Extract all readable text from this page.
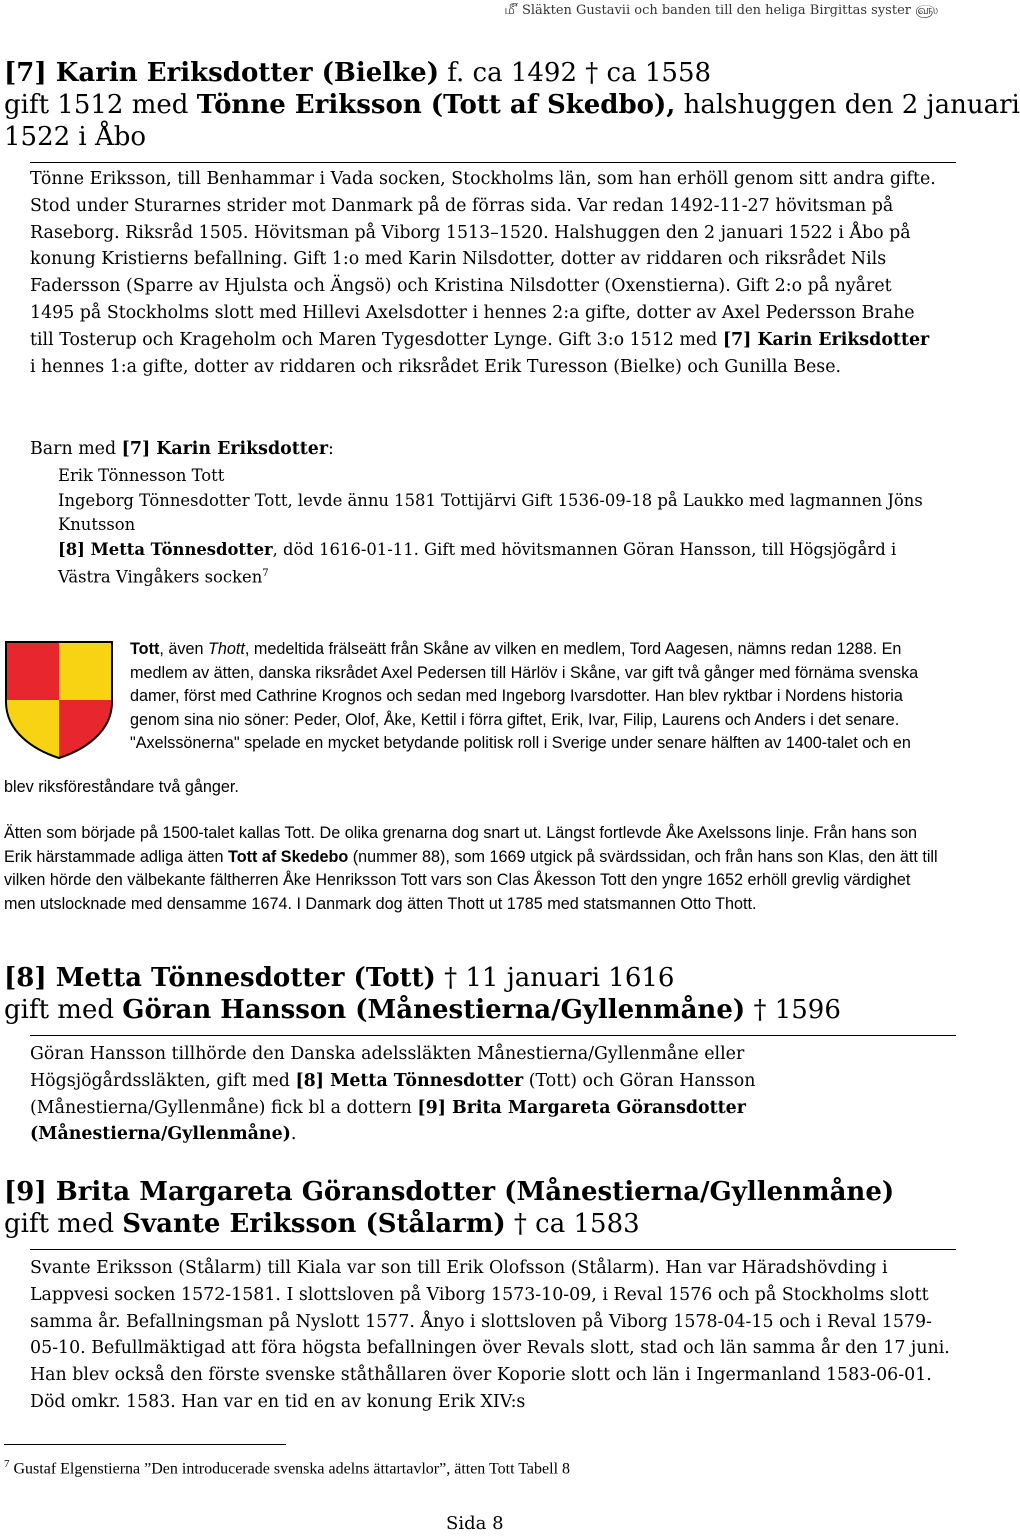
௴ Släkten Gustavii och banden till den heliga Birgittas syster ௵
[7] Karin Eriksdotter (Bielke) f. ca 1492 † ca 1558
gift 1512 med Tönne Eriksson (Tott af Skedbo), halshuggen den 2 januari
1522 i Åbo
Tönne Eriksson, till Benhammar i Vada socken, Stockholms län, som han erhöll genom sitt andra gifte. Stod under Sturarnes strider mot Danmark på de förras sida. Var redan 1492-11-27 hövitsman på Raseborg. Riksråd 1505. Hövitsman på Viborg 1513–1520. Halshuggen den 2 januari 1522 i Åbo på konung Kristierns befallning. Gift 1:o med Karin Nilsdotter, dotter av riddaren och riksrådet Nils Fadersson (Sparre av Hjulsta och Ängsö) och Kristina Nilsdotter (Oxenstierna). Gift 2:o på nyåret 1495 på Stockholms slott med Hillevi Axelsdotter i hennes 2:a gifte, dotter av Axel Pedersson Brahe till Tosterup och Krageholm och Maren Tygesdotter Lynge. Gift 3:o 1512 med [7] Karin Eriksdotter i hennes 1:a gifte, dotter av riddaren och riksrådet Erik Turesson (Bielke) och Gunilla Bese.
Barn med [7] Karin Eriksdotter:
Erik Tönnesson Tott
Ingeborg Tönnesdotter Tott, levde ännu 1581 Tottijärvi Gift 1536-09-18 på Laukko med lagmannen Jöns Knutsson
[8] Metta Tönnesdotter, död 1616-01-11. Gift med hövitsmannen Göran Hansson, till Högsjögård i Västra Vingåkers socken$^7$

Tott, även Thott, medeltida frälseätt från Skåne av vilken en medlem, Tord Aagesen, nämns redan 1288. En medlem av ätten, danska riksrådet Axel Pedersen till Härlöv i Skåne, var gift två gånger med förnäma svenska damer, först med Cathrine Krognos och sedan med Ingeborg Ivarsdotter. Han blev ryktbar i Nordens historia genom sina nio söner: Peder, Olof, Åke, Kettil i förra giftet, Erik, Ivar, Filip, Laurens och Anders i det senare. "Axelssönerna" spelade en mycket betydande politisk roll i Sverige under senare hälften av 1400-talet och en

blev riksföreståndare två gånger.

Ätten som började på 1500-talet kallas Tott. De olika grenarna dog snart ut. Längst fortlevde Åke Axelssons linje. Från hans son Erik härstammade adliga ätten Tott af Skedebo (nummer 88), som 1669 utgick på svärdssidan, och från hans son Klas, den ätt till vilken hörde den välbekante fältherren Åke Henriksson Tott vars son Clas Åkesson Tott den yngre 1652 erhöll grevlig värdighet men utslocknade med densamme 1674. I Danmark dog ätten Thott ut 1785 med statsmannen Otto Thott.

[8] Metta Tönnesdotter (Tott) † 11 januari 1616
gift med Göran Hansson (Månestierna/Gyllenmåne) † 1596
Göran Hansson tillhörde den Danska adelssläkten Månestierna/Gyllenmåne eller Högsjögårdssläkten, gift med [8] Metta Tönnesdotter (Tott) och Göran Hansson (Månestierna/Gyllenmåne) fick bl a dottern [9] Brita Margareta Göransdotter (Månestierna/Gyllenmåne).
[9] Brita Margareta Göransdotter (Månestierna/Gyllenmåne)
gift med Svante Eriksson (Stålarm) † ca 1583
Svante Eriksson (Stålarm) till Kiala var son till Erik Olofsson (Stålarm). Han var Häradshövding i Lappvesi socken 1572-1581. I slottsloven på Viborg 1573-10-09, i Reval 1576 och på Stockholms slott samma år. Befallningsman på Nyslott 1577. Ånyo i slottsloven på Viborg 1578-04-15 och i Reval 1579- 05-10. Befullmäktigad att föra högsta befallningen över Revals slott, stad och län samma år den 17 juni. Han blev också den förste svenske ståthållaren över Koporie slott och län i Ingermanland 1583-06-01. Död omkr. 1583. Han var en tid en av konung Erik XIV:s
$^7$ Gustaf Elgenstierna ”Den introducerade svenska adelns ättartavlor”, ätten Tott Tabell 8
Sida 8
